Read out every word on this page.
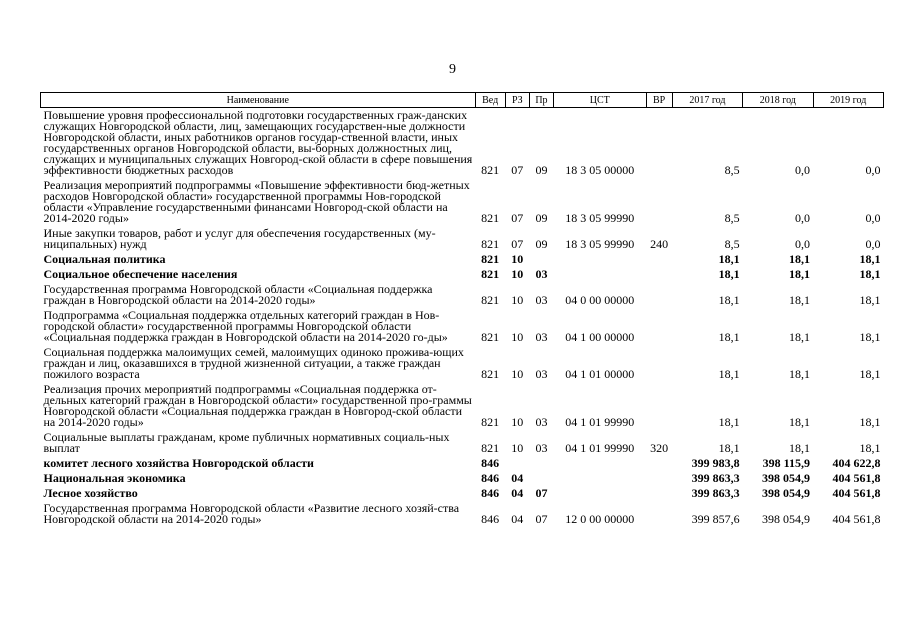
9
Наименование	Вед	РЗ	Пр	ЦСТ	ВР	2017 год	2018 год	2019 год
Повышение уровня профессиональной подготовки государственных граж-данских служащих Новгородской области, лиц, замещающих государствен-ные должности Новгородской области, иных работников органов государ-ственной власти, иных государственных органов Новгородской области, вы-борных должностных лиц, служащих и муниципальных служащих Новгород-ской области в сфере повышения эффективности бюджетных расходов	821	07	09	18 3 05 00000		8,5	0,0	0,0
Реализация мероприятий подпрограммы «Повышение эффективности бюд-жетных расходов Новгородской области» государственной программы Нов-городской области «Управление государственными финансами Новгород-ской области на 2014-2020 годы»	821	07	09	18 3 05 99990		8,5	0,0	0,0
Иные закупки товаров, работ и услуг для обеспечения государственных (му-ниципальных) нужд	821	07	09	18 3 05 99990	240	8,5	0,0	0,0
Социальная политика	821	10				18,1	18,1	18,1
Социальное обеспечение населения	821	10	03			18,1	18,1	18,1
Государственная программа Новгородской области «Социальная поддержка граждан в Новгородской области на 2014-2020 годы»	821	10	03	04 0 00 00000		18,1	18,1	18,1
Подпрограмма «Социальная поддержка отдельных категорий граждан в Нов-городской области» государственной программы Новгородской области «Социальная поддержка граждан в Новгородской области на 2014-2020 го-ды»	821	10	03	04 1 00 00000		18,1	18,1	18,1
Социальная поддержка малоимущих семей, малоимущих одиноко прожива-ющих граждан и лиц, оказавшихся в трудной жизненной ситуации, а также граждан пожилого возраста	821	10	03	04 1 01 00000		18,1	18,1	18,1
Реализация прочих мероприятий подпрограммы «Социальная поддержка от-дельных категорий граждан в Новгородской области» государственной про-граммы Новгородской области «Социальная поддержка граждан в Новгород-ской области на 2014-2020 годы»	821	10	03	04 1 01 99990		18,1	18,1	18,1
Социальные выплаты гражданам, кроме публичных нормативных социаль-ных выплат	821	10	03	04 1 01 99990	320	18,1	18,1	18,1
комитет лесного хозяйства Новгородской области	846					399 983,8	398 115,9	404 622,8
Национальная экономика	846	04				399 863,3	398 054,9	404 561,8
Лесное хозяйство	846	04	07			399 863,3	398 054,9	404 561,8
Государственная программа Новгородской области «Развитие лесного хозяй-ства Новгородской области на 2014-2020 годы»	846	04	07	12 0 00 00000		399 857,6	398 054,9	404 561,8
